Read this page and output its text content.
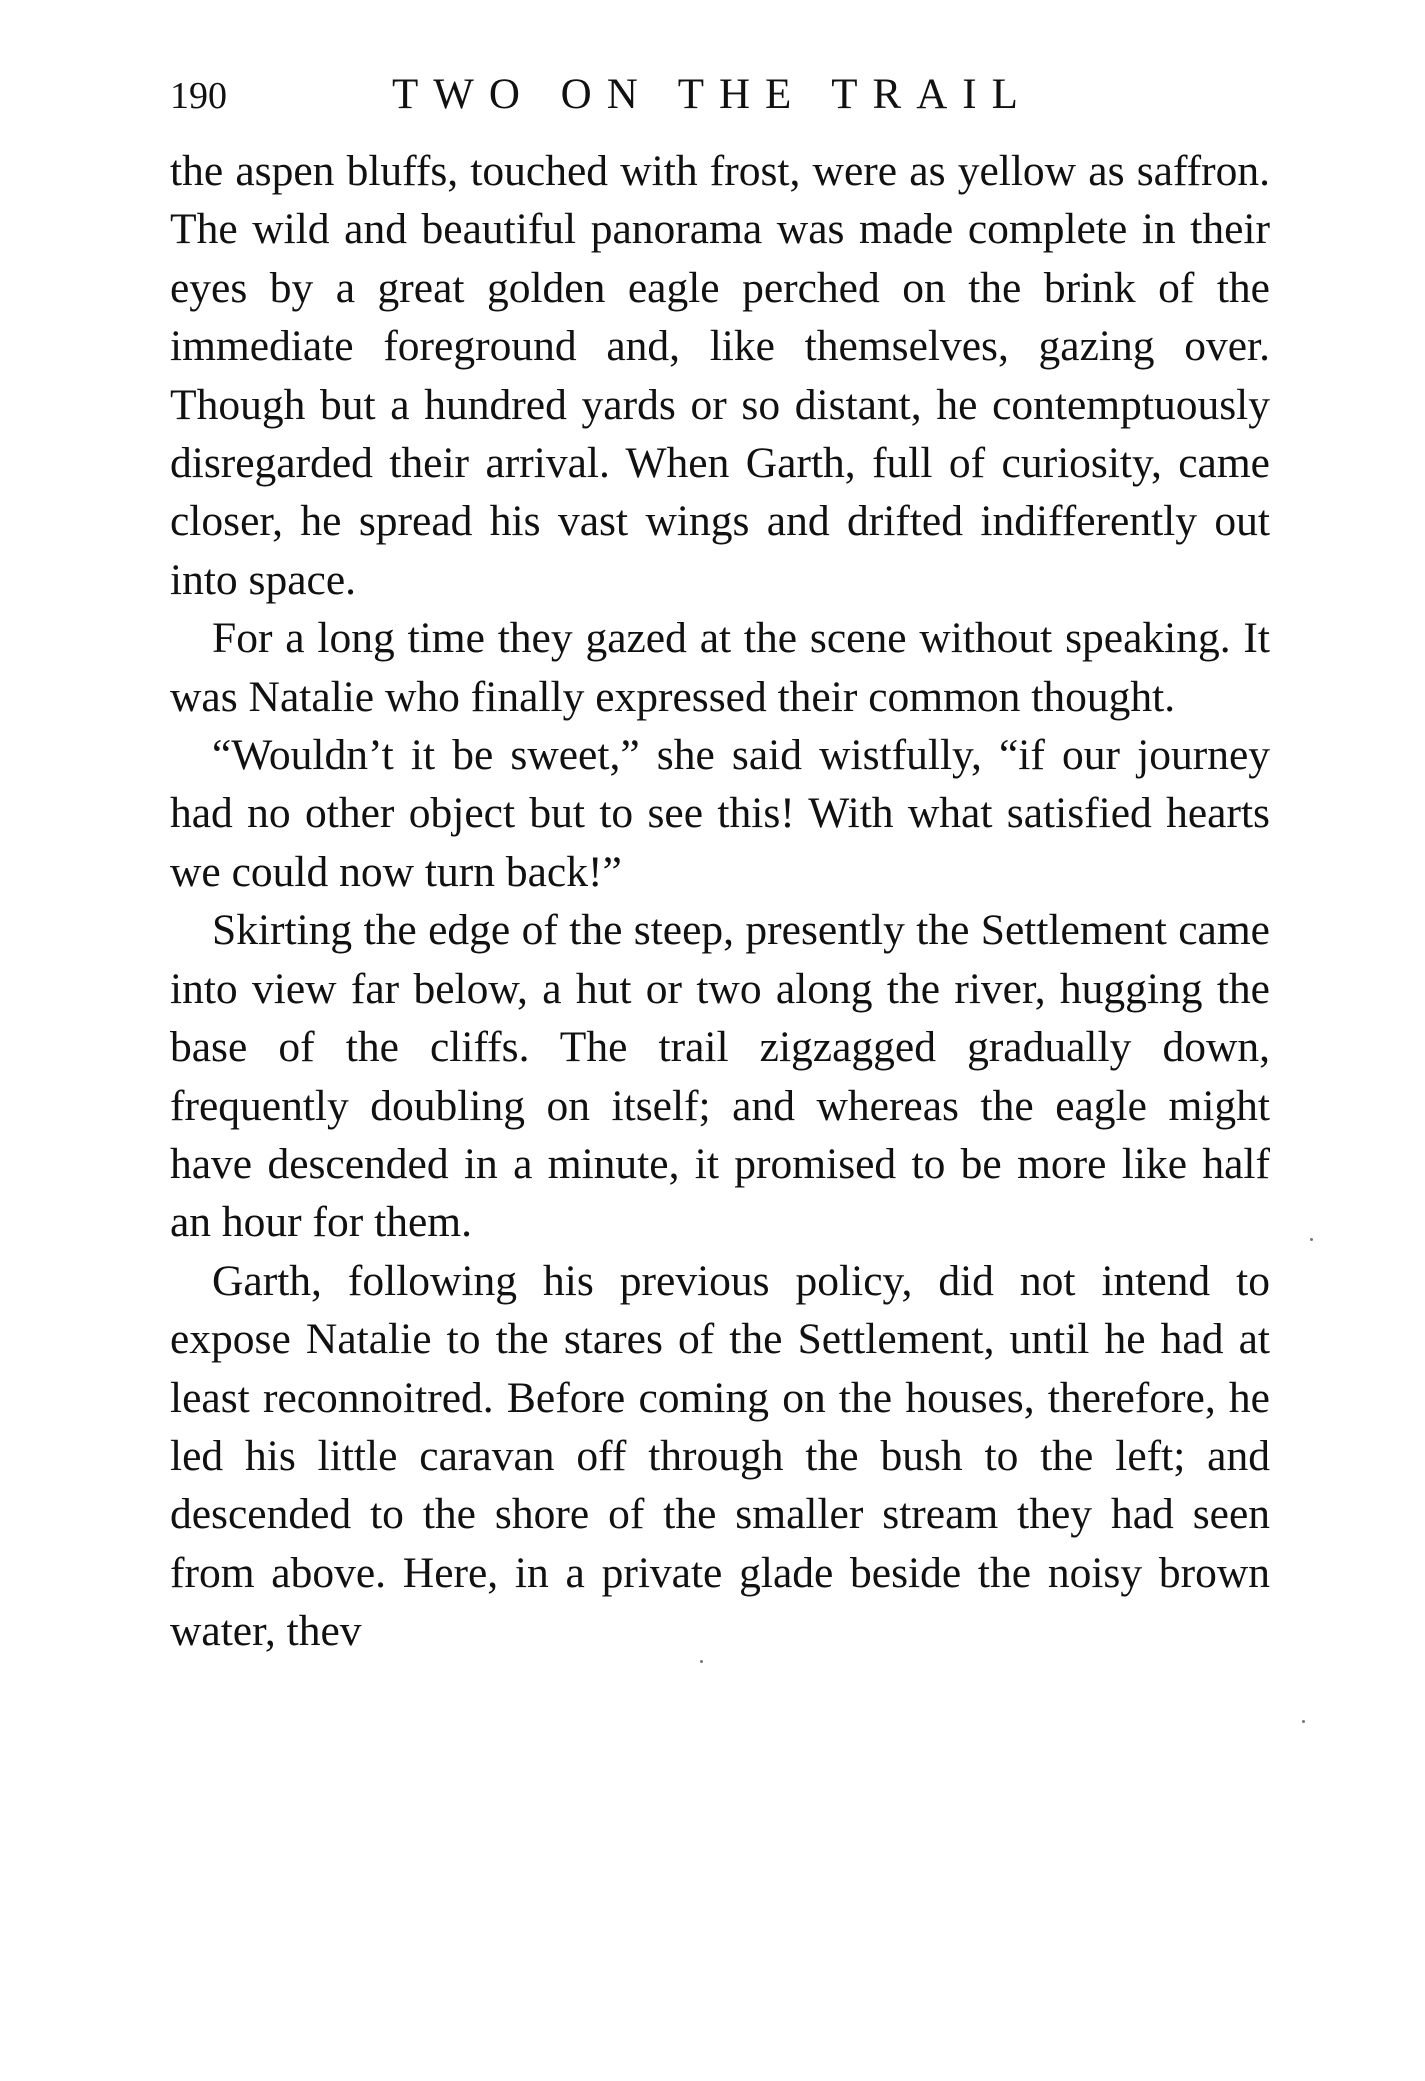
190	TWO ON THE TRAIL

the aspen bluffs, touched with frost, were as yellow as saffron. The wild and beautiful panorama was made complete in their eyes by a great golden eagle perched on the brink of the immediate foreground and, like themselves, gazing over. Though but a hundred yards or so distant, he contemptuously disregarded their arrival. When Garth, full of curiosity, came closer, he spread his vast wings and drifted indifferently out into space.

For a long time they gazed at the scene without speaking. It was Natalie who finally expressed their common thought.

“Wouldn’t it be sweet,” she said wistfully, “if our journey had no other object but to see this! With what satisfied hearts we could now turn back!”

Skirting the edge of the steep, presently the Settlement came into view far below, a hut or two along the river, hugging the base of the cliffs. The trail zigzagged gradually down, frequently doubling on itself; and whereas the eagle might have descended in a minute, it promised to be more like half an hour for them.

Garth, following his previous policy, did not intend to expose Natalie to the stares of the Settlement, until he had at least reconnoitred. Before coming on the houses, therefore, he led his little caravan off through the bush to the left; and descended to the shore of the smaller stream they had seen from above. Here, in a private glade beside the noisy brown water, thev
